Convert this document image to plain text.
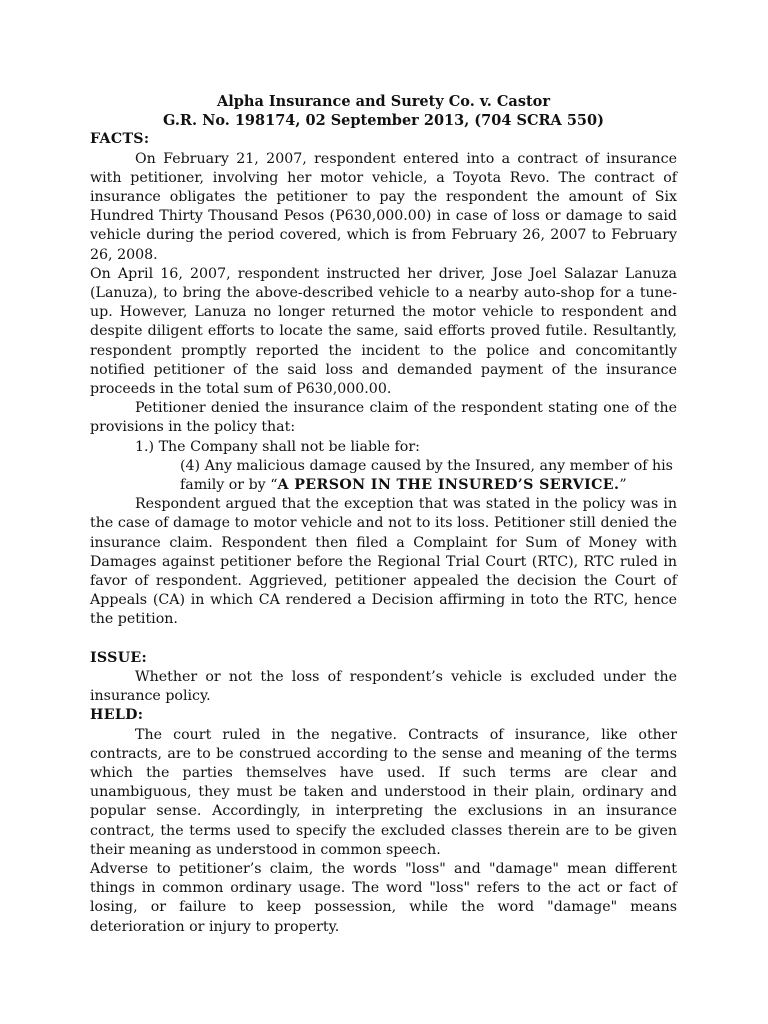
Alpha Insurance and Surety Co. v. Castor
G.R. No. 198174, 02 September 2013, (704 SCRA 550)
FACTS:

On February 21, 2007, respondent entered into a contract of insurance with petitioner, involving her motor vehicle, a Toyota Revo. The contract of insurance obligates the petitioner to pay the respondent the amount of Six Hundred Thirty Thousand Pesos (P630,000.00) in case of loss or damage to said vehicle during the period covered, which is from February 26, 2007 to February 26, 2008.

On April 16, 2007, respondent instructed her driver, Jose Joel Salazar Lanuza (Lanuza), to bring the above-described vehicle to a nearby auto-shop for a tune-up. However, Lanuza no longer returned the motor vehicle to respondent and despite diligent efforts to locate the same, said efforts proved futile. Resultantly, respondent promptly reported the incident to the police and concomitantly notified petitioner of the said loss and demanded payment of the insurance proceeds in the total sum of P630,000.00.

Petitioner denied the insurance claim of the respondent stating one of the provisions in the policy that:

1.) The Company shall not be liable for:

(4) Any malicious damage caused by the Insured, any member of his family or by “A PERSON IN THE INSURED’S SERVICE.”

Respondent argued that the exception that was stated in the policy was in the case of damage to motor vehicle and not to its loss. Petitioner still denied the insurance claim. Respondent then filed a Complaint for Sum of Money with Damages against petitioner before the Regional Trial Court (RTC), RTC ruled in favor of respondent. Aggrieved, petitioner appealed the decision the Court of Appeals (CA) in which CA rendered a Decision affirming in toto the RTC, hence the petition.

ISSUE:

Whether or not the loss of respondent’s vehicle is excluded under the insurance policy.

HELD:

The court ruled in the negative. Contracts of insurance, like other contracts, are to be construed according to the sense and meaning of the terms which the parties themselves have used. If such terms are clear and unambiguous, they must be taken and understood in their plain, ordinary and popular sense. Accordingly, in interpreting the exclusions in an insurance contract, the terms used to specify the excluded classes therein are to be given their meaning as understood in common speech.

Adverse to petitioner’s claim, the words "loss" and "damage" mean different things in common ordinary usage. The word "loss" refers to the act or fact of losing, or failure to keep possession, while the word "damage" means deterioration or injury to property.
